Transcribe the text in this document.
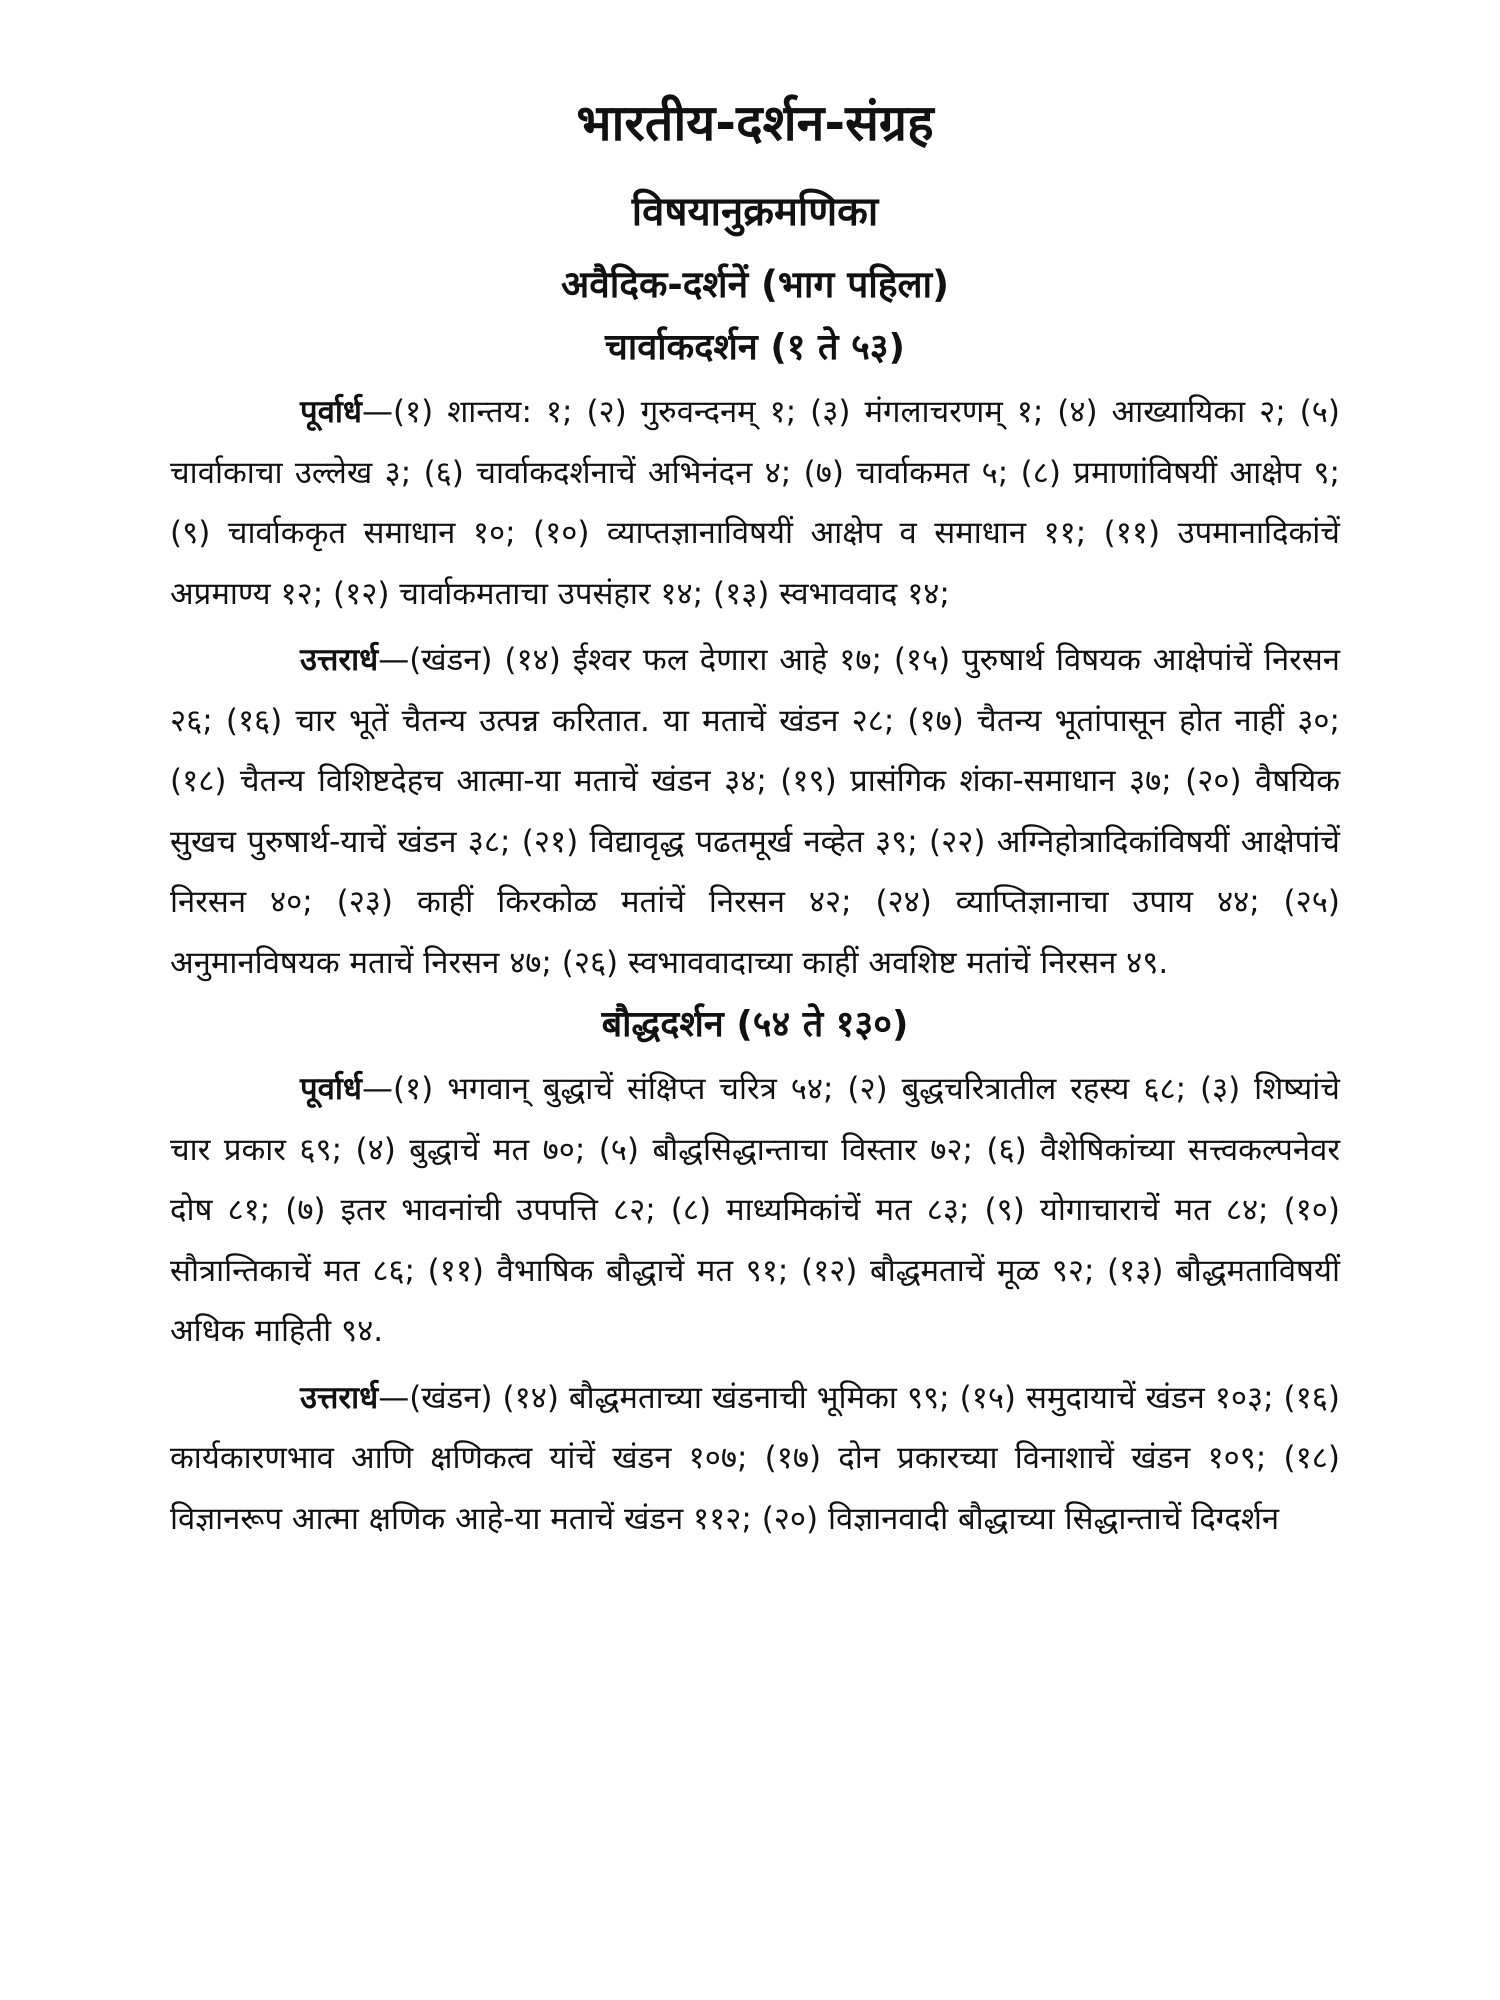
भारतीय-दर्शन-संग्रह
विषयानुक्रमणिका
अवैदिक-दर्शनें (भाग पहिला)
चार्वाकदर्शन (१ ते ५३)

पूर्वार्ध—(१) शान्तय: १; (२) गुरुवन्दनम् १; (३) मंगलाचरणम् १; (४) आख्यायिका २; (५) चार्वाकाचा उल्लेख ३; (६) चार्वाकदर्शनाचें अभिनंदन ४; (७) चार्वाकमत ५; (८) प्रमाणांविषयीं आक्षेप ९; (९) चार्वाककृत समाधान १०; (१०) व्याप्तज्ञानाविषयीं आक्षेप व समाधान ११; (११) उपमानादिकांचें अप्रमाण्य १२; (१२) चार्वाकमताचा उपसंहार १४; (१३) स्वभाववाद १४;

उत्तरार्ध—(खंडन) (१४) ईश्वर फल देणारा आहे १७; (१५) पुरुषार्थ विषयक आक्षेपांचें निरसन २६; (१६) चार भूतें चैतन्य उत्पन्न करितात. या मताचें खंडन २८; (१७) चैतन्य भूतांपासून होत नाहीं ३०; (१८) चैतन्य विशिष्टदेहच आत्मा-या मताचें खंडन ३४; (१९) प्रासंगिक शंका-समाधान ३७; (२०) वैषयिक सुखच पुरुषार्थ-याचें खंडन ३८; (२१) विद्यावृद्ध पढतमूर्ख नव्हेत ३९; (२२) अग्निहोत्रादिकांविषयीं आक्षेपांचें निरसन ४०; (२३) काहीं किरकोळ मतांचें निरसन ४२; (२४) व्याप्तिज्ञानाचा उपाय ४४; (२५) अनुमानविषयक मताचें निरसन ४७; (२६) स्वभाववादाच्या काहीं अवशिष्ट मतांचें निरसन ४९.

बौद्धदर्शन (५४ ते १३०)

पूर्वार्ध—(१) भगवान् बुद्धाचें संक्षिप्त चरित्र ५४; (२) बुद्धचरित्रातील रहस्य ६८; (३) शिष्यांचे चार प्रकार ६९; (४) बुद्धाचें मत ७०; (५) बौद्धसिद्धान्ताचा विस्तार ७२; (६) वैशेषिकांच्या सत्त्वकल्पनेवर दोष ८१; (७) इतर भावनांची उपपत्ति ८२; (८) माध्यमिकांचें मत ८३; (९) योगाचाराचें मत ८४; (१०) सौत्रान्तिकाचें मत ८६; (११) वैभाषिक बौद्धाचें मत ९१; (१२) बौद्धमताचें मूळ ९२; (१३) बौद्धमताविषयीं अधिक माहिती ९४.

उत्तरार्ध—(खंडन) (१४) बौद्धमताच्या खंडनाची भूमिका ९९; (१५) समुदायाचें खंडन १०३; (१६) कार्यकारणभाव आणि क्षणिकत्व यांचें खंडन १०७; (१७) दोन प्रकारच्या विनाशाचें खंडन १०९; (१८) विज्ञानरूप आत्मा क्षणिक आहे-या मताचें खंडन ११२; (२०) विज्ञानवादी बौद्धाच्या सिद्धान्ताचें दिग्दर्शन
